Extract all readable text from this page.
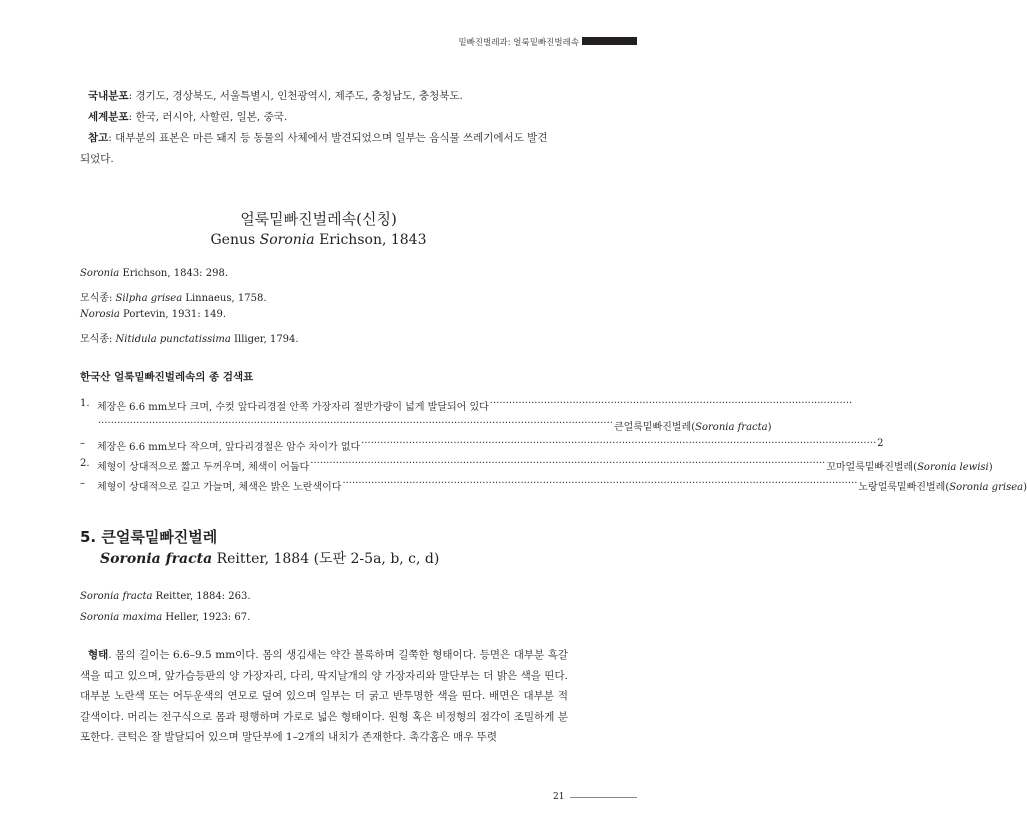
밑빠진벌레과: 얼룩밑빠진벌레속
국내분포: 경기도, 경상북도, 서울특별시, 인천광역시, 제주도, 충청남도, 충청북도.
세계분포: 한국, 러시아, 사할린, 일본, 중국.
참고: 대부분의 표본은 마른 돼지 등 동물의 사체에서 발견되었으며 일부는 음식물 쓰레기에서도 발견
되었다.
얼룩밑빠진벌레속(신칭)
Genus Soronia Erichson, 1843
Soronia Erichson, 1843: 298.
모식종: Silpha grisea Linnaeus, 1758.
Norosia Portevin, 1931: 149.
모식종: Nitidula punctatissima Illiger, 1794.
한국산 얼룩밑빠진벌레속의 종 검색표
1. 체장은 6.6 mm보다 크며, 수컷 앞다리경절 안쪽 가장자리 절반가량이 넓게 발달되어 있다 ··················································································································
·································································································································································· 큰얼룩밑빠진벌레(Soronia fracta)
–	체장은 6.6 mm보다 작으며, 앞다리경절은 암수 차이가 없다 ·································································································································································· 2
2. 체형이 상대적으로 짧고 두꺼우며, 체색이 어둡다 ·································································································································································· 꼬마얼룩밑빠진벌레(Soronia lewisi)
–	체형이 상대적으로 길고 가늘며, 체색은 밝은 노란색이다 ·································································································································································· 노랑얼룩밑빠진벌레(Soronia grisea)
5. 큰얼룩밑빠진벌레
Soronia fracta Reitter, 1884 (도판 2-5a, b, c, d)
Soronia fracta Reitter, 1884: 263.
Soronia maxima Heller, 1923: 67.
형태. 몸의 길이는 6.6–9.5 mm이다. 몸의 생김새는 약간 볼록하며 길쭉한 형태이다. 등면은 대부분 흑갈색을 띠고 있으며, 앞가슴등판의 양 가장자리, 다리, 딱지날개의 양 가장자리와 말단부는 더 밝은 색을 띤다. 대부분 노란색 또는 어두운색의 연모로 덮여 있으며 일부는 더 굵고 반투명한 색을 띤다. 배면은 대부분 적갈색이다. 머리는 전구식으로 몸과 평행하며 가로로 넓은 형태이다. 원형 혹은 비정형의 점각이 조밀하게 분포한다. 큰턱은 잘 발달되어 있으며 말단부에 1–2개의 내치가 존재한다. 촉각홈은 매우 뚜렷
21
